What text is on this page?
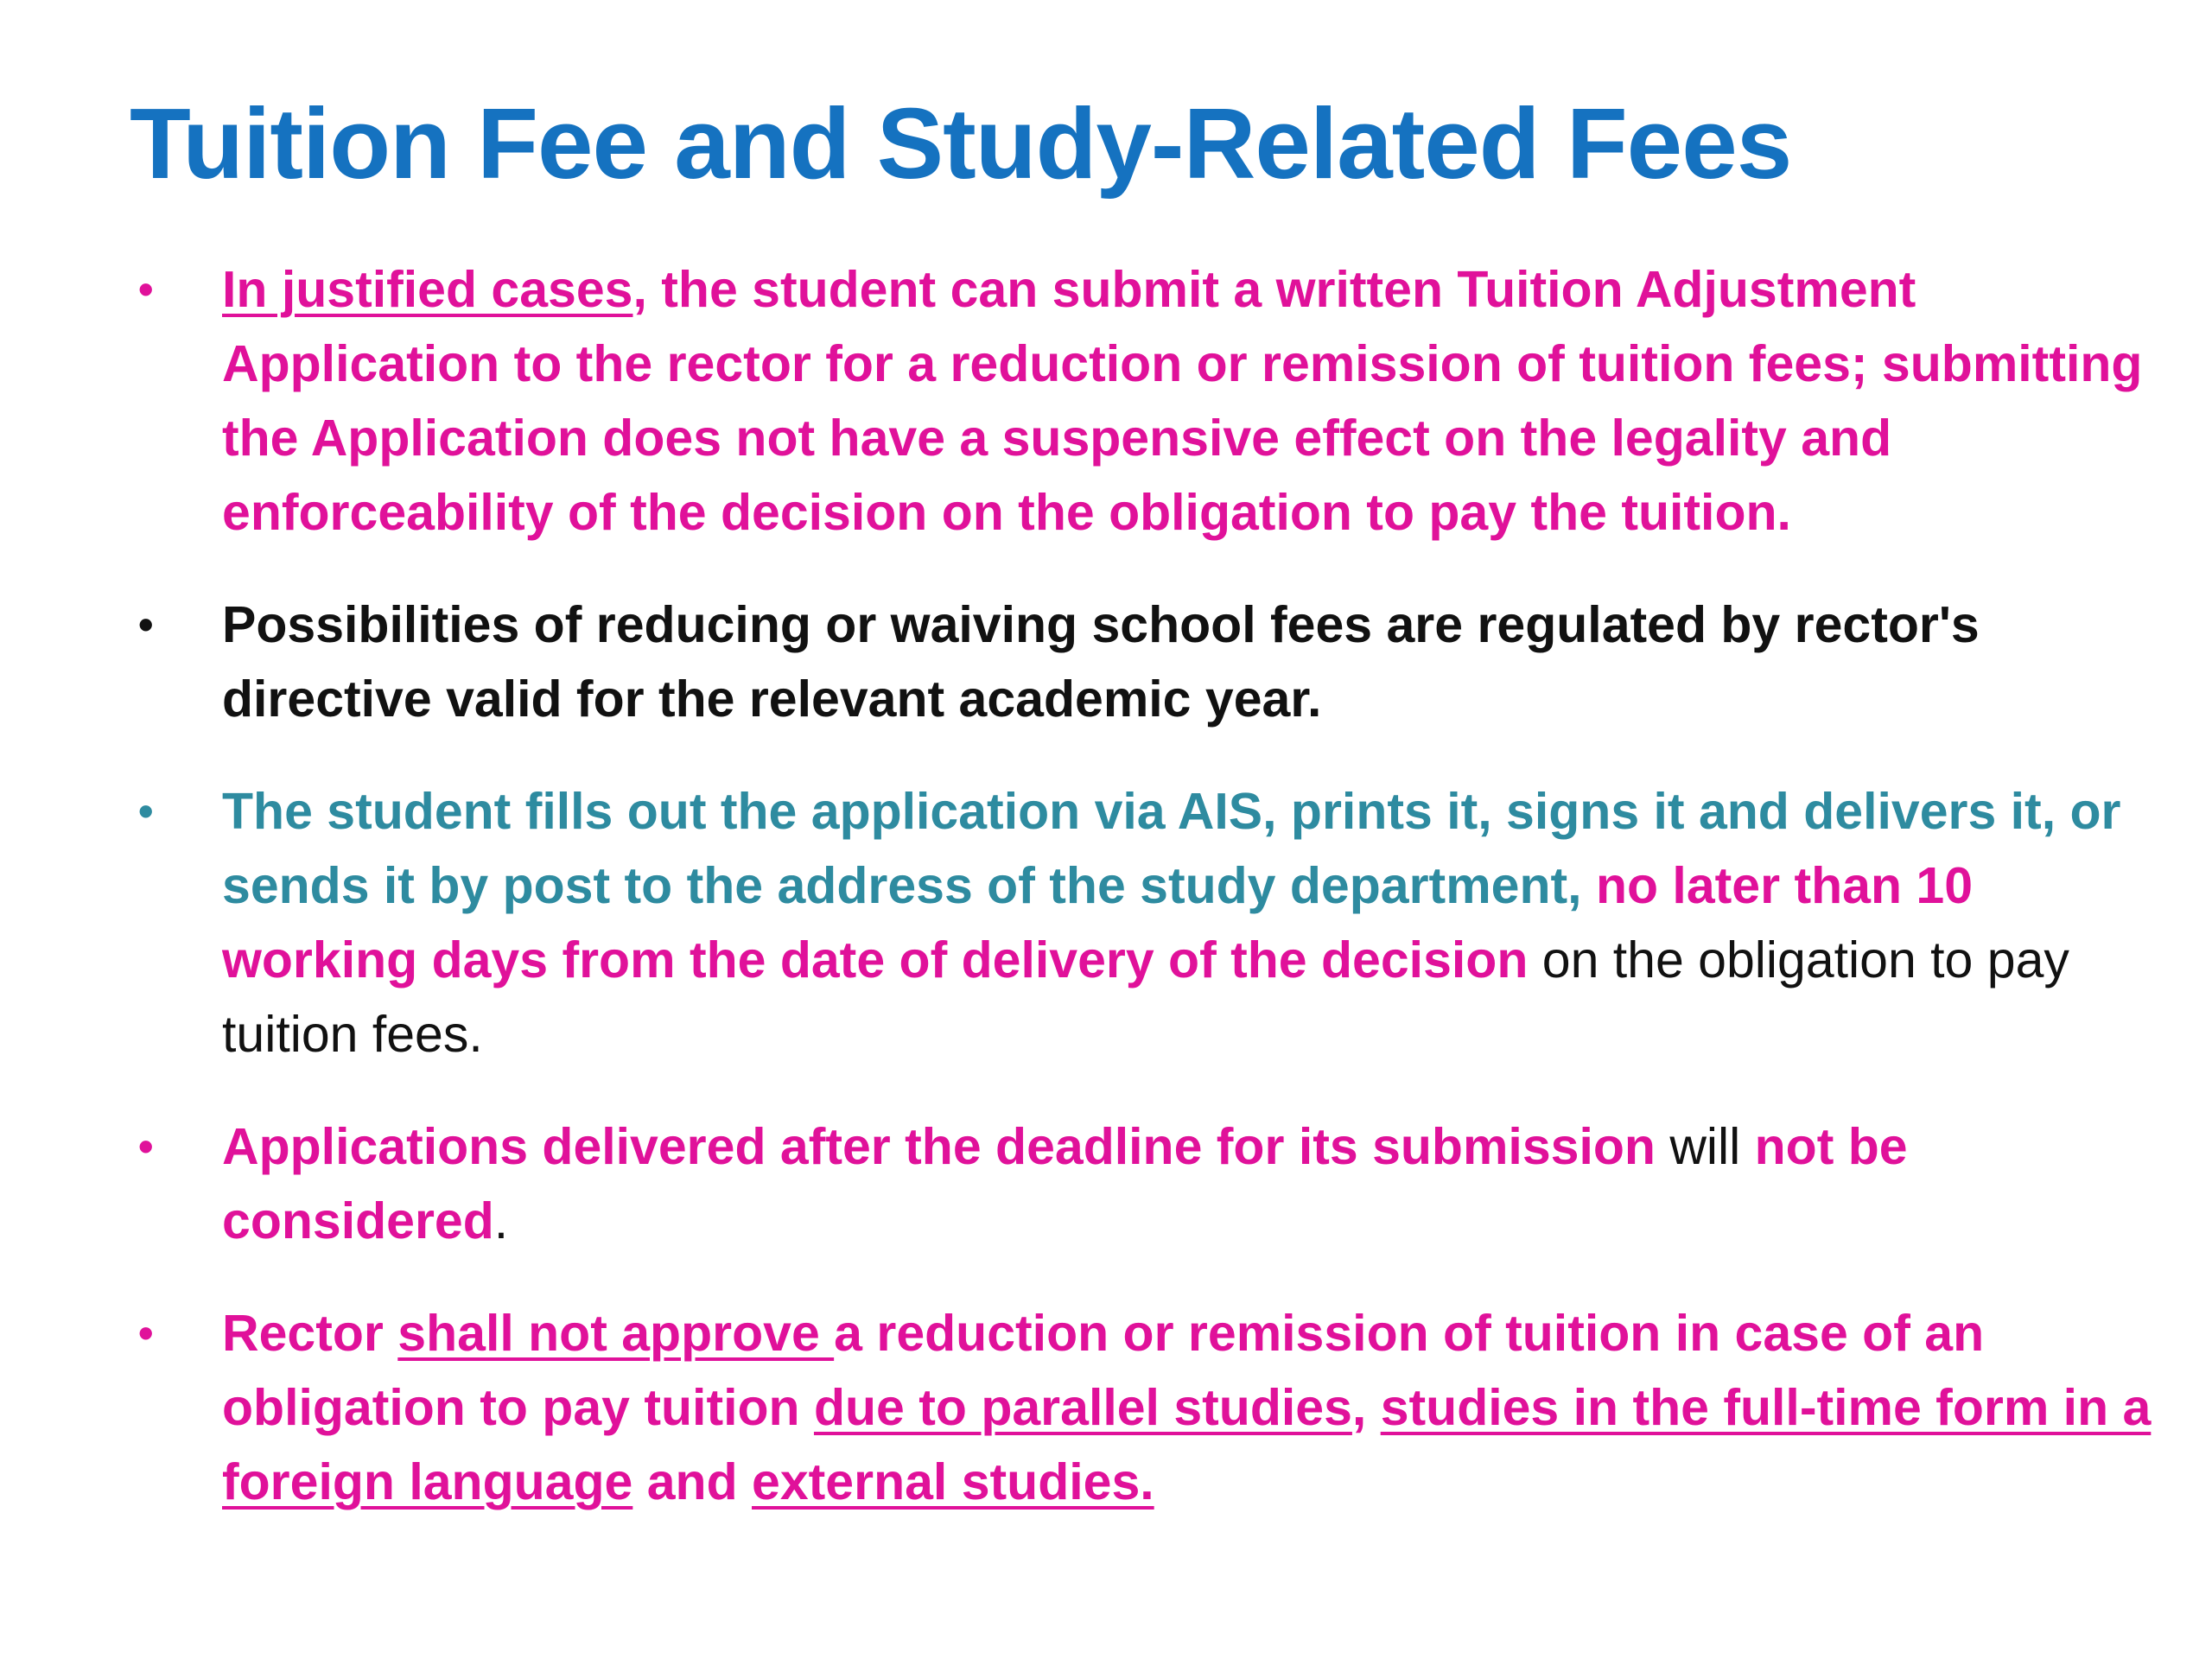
Tuition Fee and Study-Related Fees
• In justified cases, the student can submit a written Tuition Adjustment Application to the rector for a reduction or remission of tuition fees; submitting the Application does not have a suspensive effect on the legality and enforceability of the decision on the obligation to pay the tuition.
• Possibilities of reducing or waiving school fees are regulated by rector's directive valid for the relevant academic year.
• The student fills out the application via AIS, prints it, signs it and delivers it, or sends it by post to the address of the study department, no later than 10 working days from the date of delivery of the decision on the obligation to pay tuition fees.
• Applications delivered after the deadline for its submission will not be considered.
• Rector shall not approve a reduction or remission of tuition in case of an obligation to pay tuition due to parallel studies, studies in the full-time form in a foreign language and external studies.
